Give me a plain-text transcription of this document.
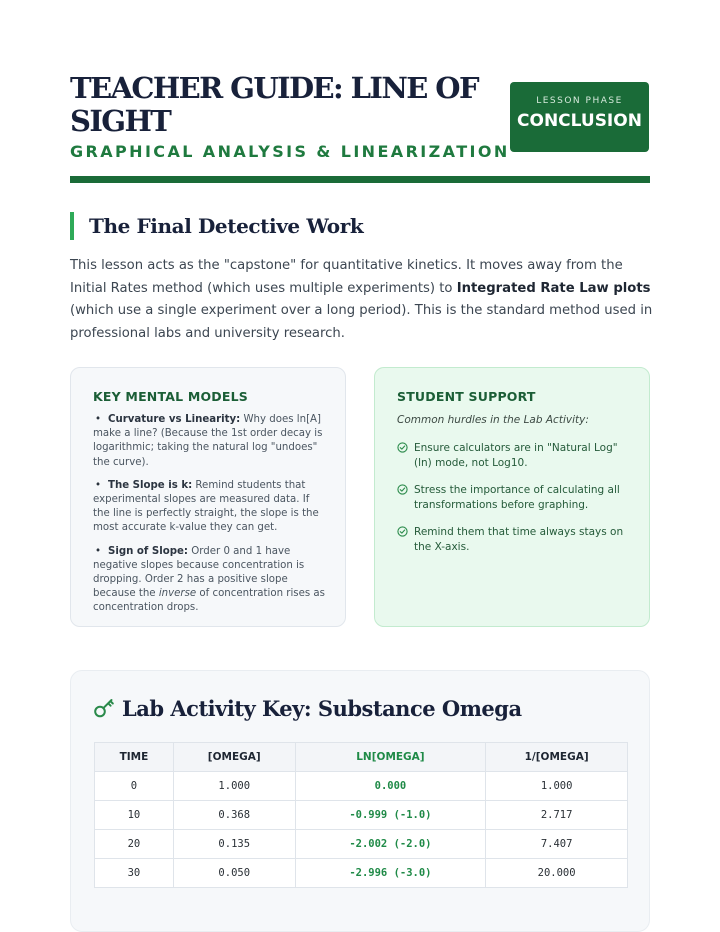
TEACHER GUIDE: LINE OF SIGHT
GRAPHICAL ANALYSIS & LINEARIZATION
LESSON PHASE
CONCLUSION
The Final Detective Work

This lesson acts as the "capstone" for quantitative kinetics. It moves away from the Initial Rates method (which uses multiple experiments) to Integrated Rate Law plots (which use a single experiment over a long period). This is the standard method used in professional labs and university research.

KEY MENTAL MODELS
• Curvature vs Linearity: Why does ln[A] make a line? (Because the 1st order decay is logarithmic; taking the natural log "undoes" the curve).
• The Slope is k: Remind students that experimental slopes are measured data. If the line is perfectly straight, the slope is the most accurate k-value they can get.
• Sign of Slope: Order 0 and 1 have negative slopes because concentration is dropping. Order 2 has a positive slope because the inverse of concentration rises as concentration drops.
STUDENT SUPPORT
Common hurdles in the Lab Activity:
Ensure calculators are in "Natural Log" (ln) mode, not Log10.
Stress the importance of calculating all transformations before graphing.
Remind them that time always stays on the X-axis.
Lab Activity Key: Substance Omega
TIME	[OMEGA]	LN[OMEGA]	1/[OMEGA]
0	1.000	0.000	1.000
10	0.368	-0.999 (-1.0)	2.717
20	0.135	-2.002 (-2.0)	7.407
30	0.050	-2.996 (-3.0)	20.000
